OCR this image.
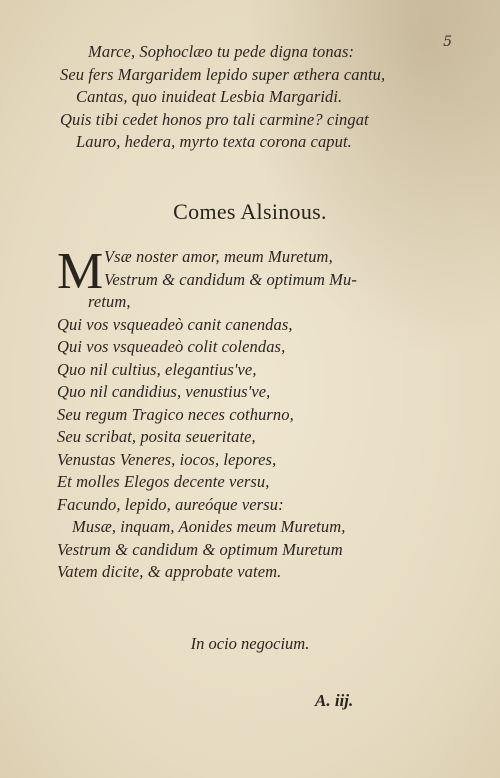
5
Marce, Sophoclæo tu pede digna tonas:
Seu fers Margaridem lepido super æthera cantu,
Cantas, quo inuideat Lesbia Margaridi.
Quis tibi cedet honos pro tali carmine? cingat
Lauro, hedera, myrto texta corona caput.
Comes Alsinous.
M Vsæ noster amor, meum Muretum,
Vestrum & candidum & optimum Mu-
retum,
Qui vos vsqueadeò canit canendas,
Qui vos vsqueadeò colit colendas,
Quo nil cultius, elegantius've,
Quo nil candidius, venustius've,
Seu regum Tragico neces cothurno,
Seu scribat, posita seueritate,
Venustas Veneres, iocos, lepores,
Et molles Elegos decente versu,
Facundo, lepido, aureóque versu:
Musæ, inquam, Aonides meum Muretum,
Vestrum & candidum & optimum Muretum
Vatem dicite, & approbate vatem.
In ocio negocium.
A. iij.
